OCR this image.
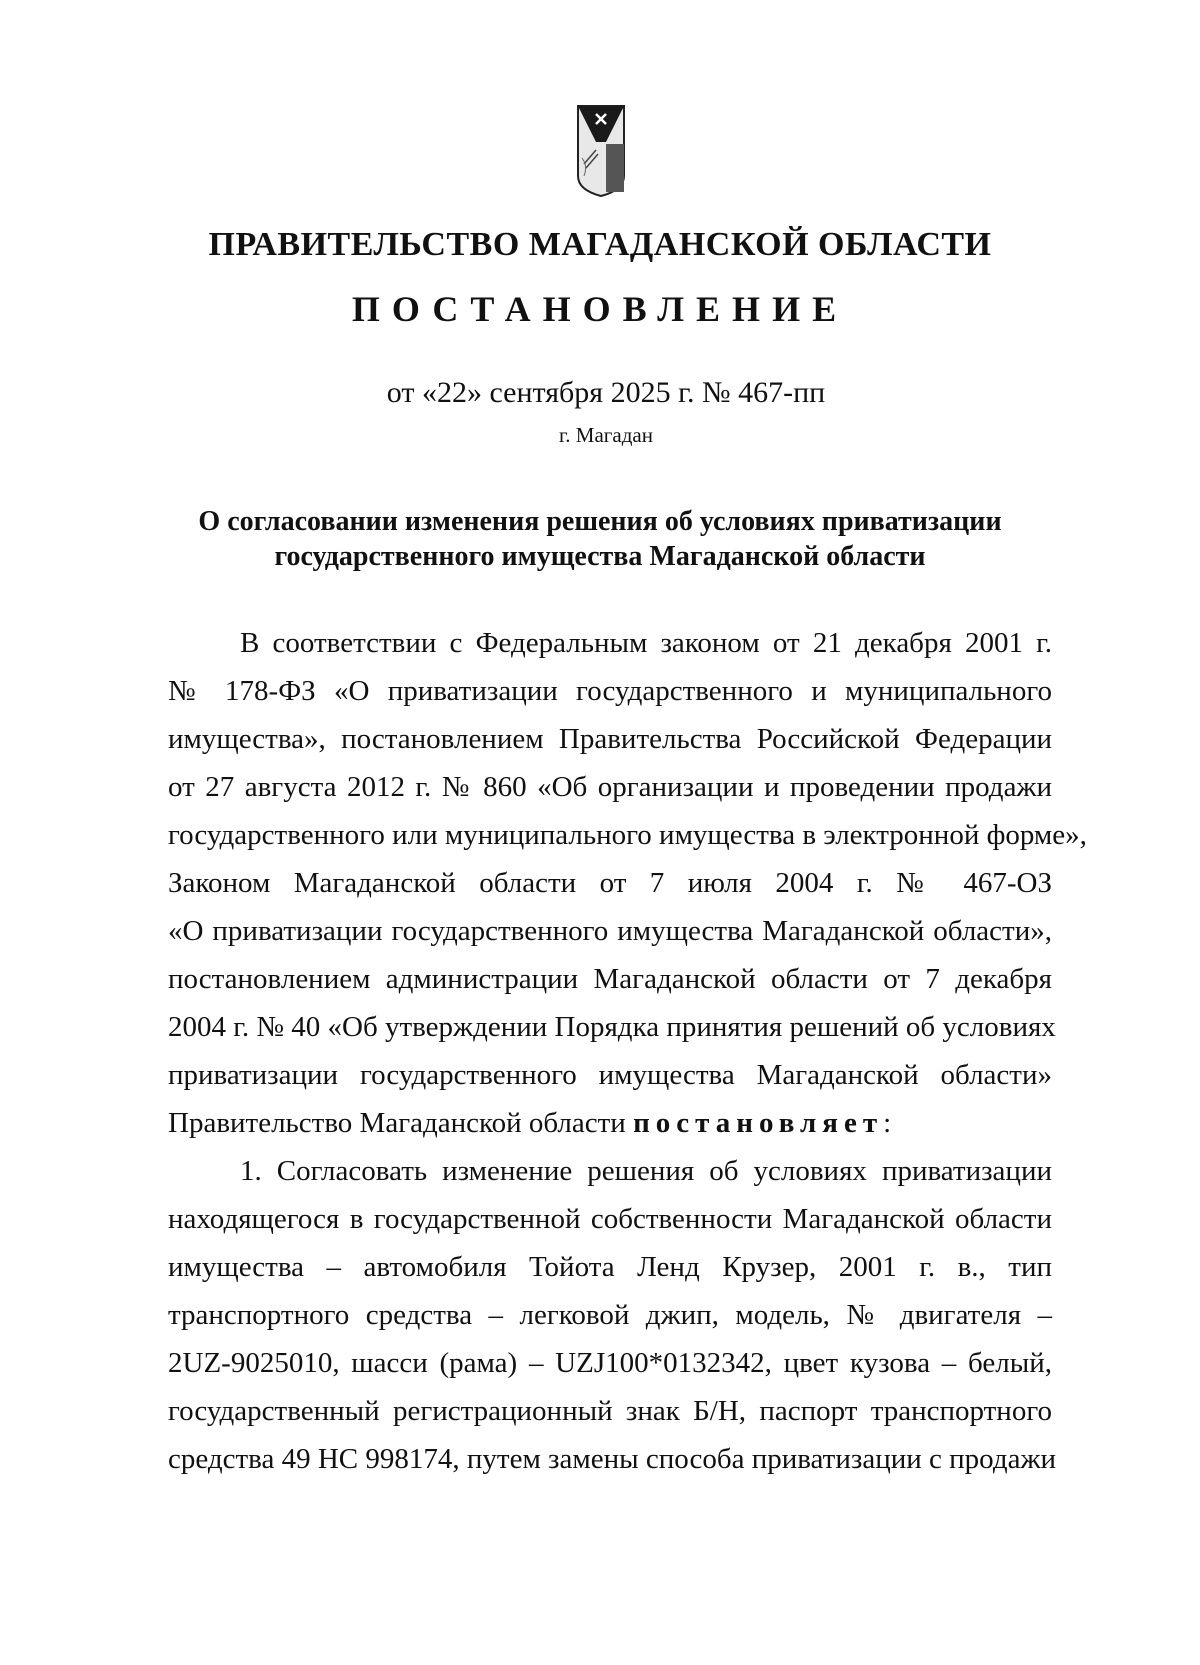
ПРАВИТЕЛЬСТВО МАГАДАНСКОЙ ОБЛАСТИ
ПОСТАНОВЛЕНИЕ
от «22» сентября 2025 г. № 467-пп
г. Магадан
О согласовании изменения решения об условиях приватизации
государственного имущества Магаданской области
В соответствии с Федеральным законом от 21 декабря 2001 г.
№ 178-ФЗ «О приватизации государственного и муниципального
имущества», постановлением Правительства Российской Федерации
от 27 августа 2012 г. № 860 «Об организации и проведении продажи
государственного или муниципального имущества в электронной форме»,
Законом Магаданской области от 7 июля 2004 г. № 467-ОЗ
«О приватизации государственного имущества Магаданской области»,
постановлением администрации Магаданской области от 7 декабря
2004 г. № 40 «Об утверждении Порядка принятия решений об условиях
приватизации государственного имущества Магаданской области»
Правительство Магаданской области постановляет:
1. Согласовать изменение решения об условиях приватизации
находящегося в государственной собственности Магаданской области
имущества – автомобиля Тойота Ленд Крузер, 2001 г. в., тип
транспортного средства – легковой джип, модель, № двигателя –
2UZ-9025010, шасси (рама) – UZJ100*0132342, цвет кузова – белый,
государственный регистрационный знак Б/Н, паспорт транспортного
средства 49 НС 998174, путем замены способа приватизации с продажи
